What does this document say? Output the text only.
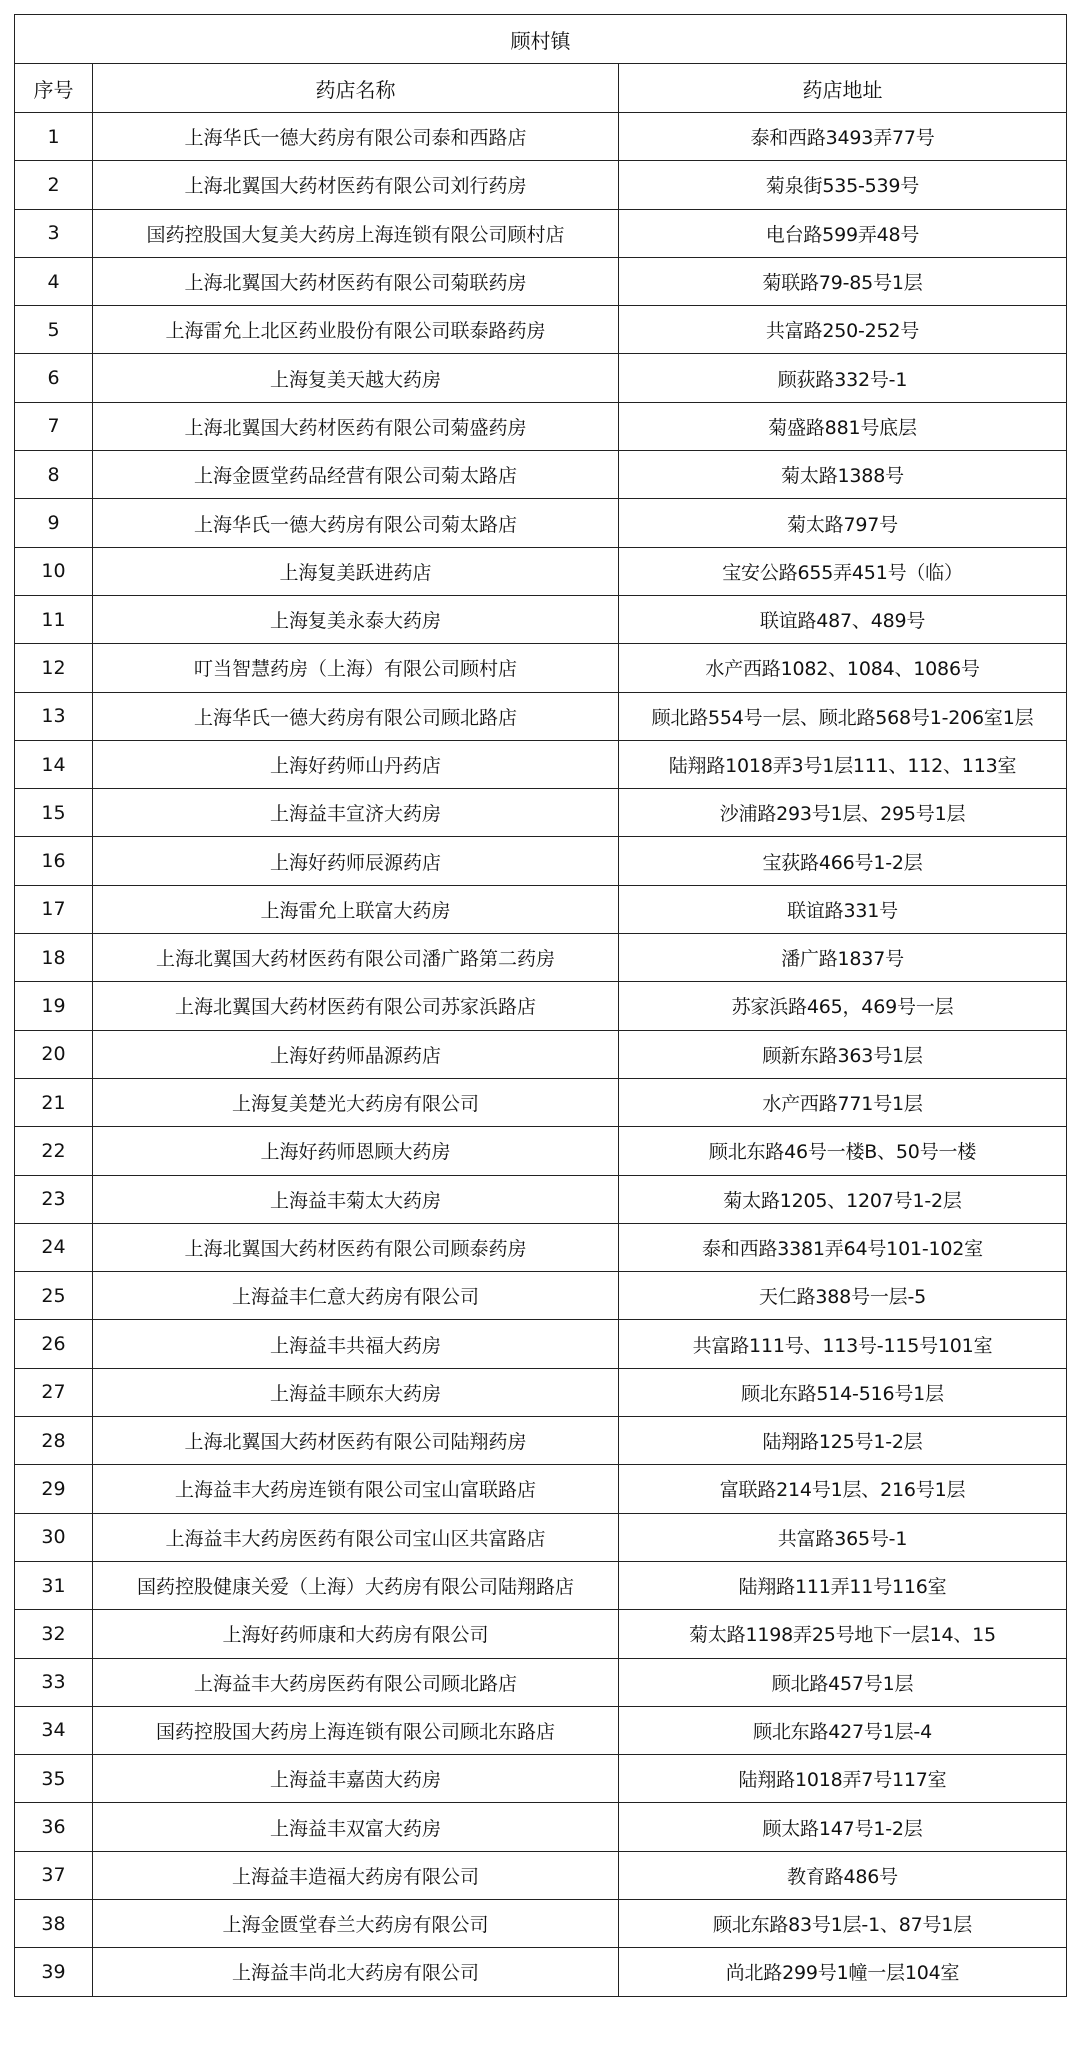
顾村镇		
序号	药店名称	药店地址
1	上海华氏一德大药房有限公司泰和西路店	泰和西路3493弄77号
2	上海北翼国大药材医药有限公司刘行药房	菊泉街535-539号
3	国药控股国大复美大药房上海连锁有限公司顾村店	电台路599弄48号
4	上海北翼国大药材医药有限公司菊联药房	菊联路79-85号1层
5	上海雷允上北区药业股份有限公司联泰路药房	共富路250-252号
6	上海复美天越大药房	顾荻路332号-1
7	上海北翼国大药材医药有限公司菊盛药房	菊盛路881号底层
8	上海金匮堂药品经营有限公司菊太路店	菊太路1388号
9	上海华氏一德大药房有限公司菊太路店	菊太路797号
10	上海复美跃进药店	宝安公路655弄451号（临）
11	上海复美永泰大药房	联谊路487、489号
12	叮当智慧药房（上海）有限公司顾村店	水产西路1082、1084、1086号
13	上海华氏一德大药房有限公司顾北路店	顾北路554号一层、顾北路568号1-206室1层
14	上海好药师山丹药店	陆翔路1018弄3号1层111、112、113室
15	上海益丰宣济大药房	沙浦路293号1层、295号1层
16	上海好药师辰源药店	宝荻路466号1-2层
17	上海雷允上联富大药房	联谊路331号
18	上海北翼国大药材医药有限公司潘广路第二药房	潘广路1837号
19	上海北翼国大药材医药有限公司苏家浜路店	苏家浜路465，469号一层
20	上海好药师晶源药店	顾新东路363号1层
21	上海复美楚光大药房有限公司	水产西路771号1层
22	上海好药师恩顾大药房	顾北东路46号一楼B、50号一楼
23	上海益丰菊太大药房	菊太路1205、1207号1-2层
24	上海北翼国大药材医药有限公司顾泰药房	泰和西路3381弄64号101-102室
25	上海益丰仁意大药房有限公司	天仁路388号一层-5
26	上海益丰共福大药房	共富路111号、113号-115号101室
27	上海益丰顾东大药房	顾北东路514-516号1层
28	上海北翼国大药材医药有限公司陆翔药房	陆翔路125号1-2层
29	上海益丰大药房连锁有限公司宝山富联路店	富联路214号1层、216号1层
30	上海益丰大药房医药有限公司宝山区共富路店	共富路365号-1
31	国药控股健康关爱（上海）大药房有限公司陆翔路店	陆翔路111弄11号116室
32	上海好药师康和大药房有限公司	菊太路1198弄25号地下一层14、15
33	上海益丰大药房医药有限公司顾北路店	顾北路457号1层
34	国药控股国大药房上海连锁有限公司顾北东路店	顾北东路427号1层-4
35	上海益丰嘉茵大药房	陆翔路1018弄7号117室
36	上海益丰双富大药房	顾太路147号1-2层
37	上海益丰造福大药房有限公司	教育路486号
38	上海金匮堂春兰大药房有限公司	顾北东路83号1层-1、87号1层
39	上海益丰尚北大药房有限公司	尚北路299号1幢一层104室
